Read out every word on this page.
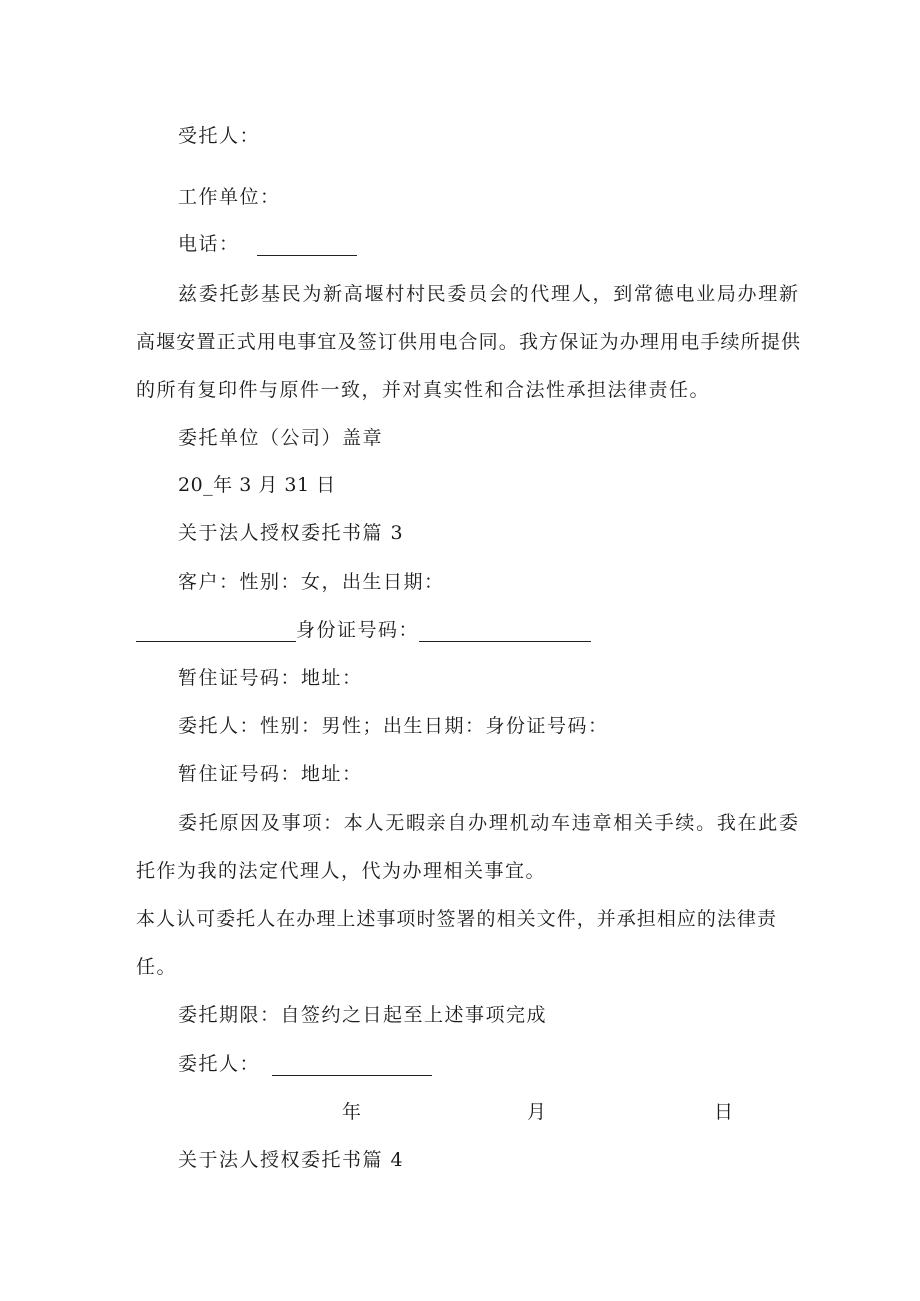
受托人：
工作单位：
电话：
兹委托彭基民为新高堰村村民委员会的代理人，到常德电业局办理新
高堰安置正式用电事宜及签订供用电合同。我方保证为办理用电手续所提供
的所有复印件与原件一致，并对真实性和合法性承担法律责任。
委托单位（公司）盖章
20_年 3 月 31 日
关于法人授权委托书篇 3
客户：性别：女，出生日期：
身份证号码：
暂住证号码：地址：
委托人：性别：男性；出生日期：身份证号码：
暂住证号码：地址：
委托原因及事项：本人无暇亲自办理机动车违章相关手续。我在此委
托作为我的法定代理人，代为办理相关事宜。
本人认可委托人在办理上述事项时签署的相关文件，并承担相应的法律责
任。
委托期限：自签约之日起至上述事项完成
委托人：
年	月	日
关于法人授权委托书篇 4
